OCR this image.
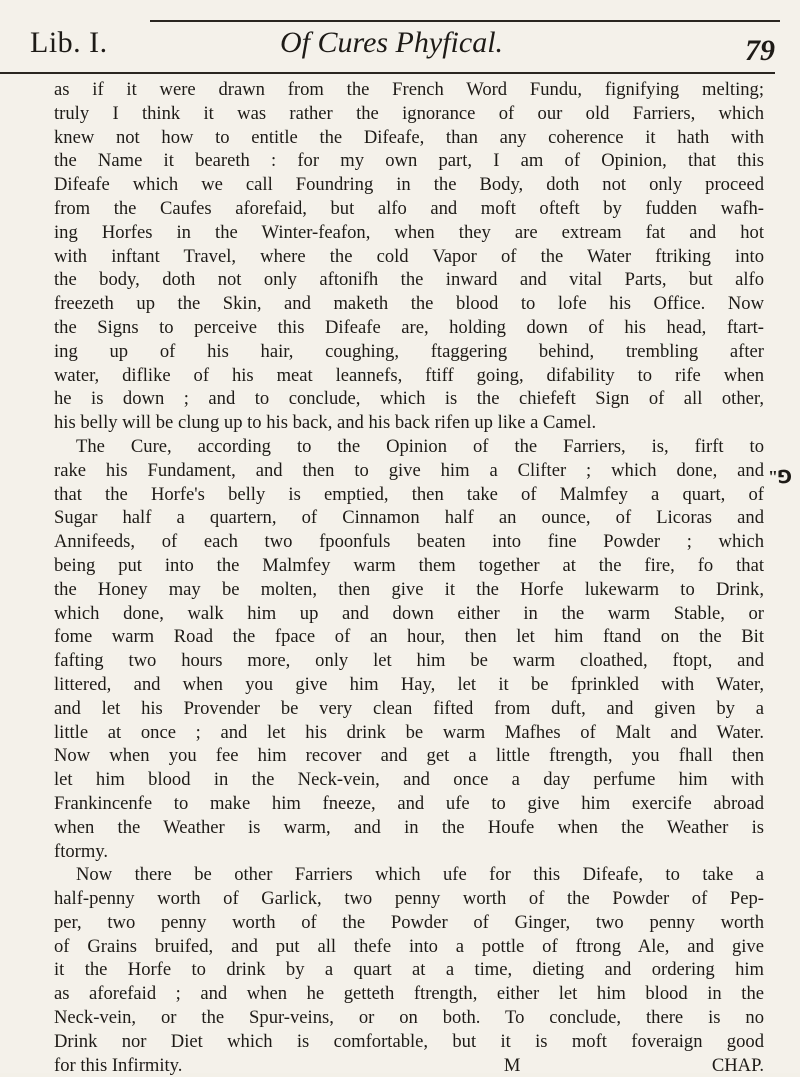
Lib. I.	Of Cures Phyfical.	79
"⅁
as if it were drawn from the French Word Fundu, fignifying melting;
truly I think it was rather the ignorance of our old Farriers, which
knew not how to entitle the Difeafe, than any coherence it hath with
the Name it beareth : for my own part, I am of Opinion, that this
Difeafe which we call Foundring in the Body, doth not only proceed
from the Caufes aforefaid, but alfo and moft ofteft by fudden wafh-
ing Horfes in the Winter-feafon, when they are extream fat and hot
with inftant Travel, where the cold Vapor of the Water ftriking into
the body, doth not only aftonifh the inward and vital Parts, but alfo
freezeth up the Skin, and maketh the blood to lofe his Office. Now
the Signs to perceive this Difeafe are, holding down of his head, ftart-
ing up of his hair, coughing, ftaggering behind, trembling after
water, diflike of his meat leannefs, ftiff going, difability to rife when
he is down ; and to conclude, which is the chiefeft Sign of all other,
his belly will be clung up to his back, and his back rifen up like a Camel.
The Cure, according to the Opinion of the Farriers, is, firft to
rake his Fundament, and then to give him a Clifter ; which done, and
that the Horfe's belly is emptied, then take of Malmfey a quart, of
Sugar half a quartern, of Cinnamon half an ounce, of Licoras and
Annifeeds, of each two fpoonfuls beaten into fine Powder ; which
being put into the Malmfey warm them together at the fire, fo that
the Honey may be molten, then give it the Horfe lukewarm to Drink,
which done, walk him up and down either in the warm Stable, or
fome warm Road the fpace of an hour, then let him ftand on the Bit
fafting two hours more, only let him be warm cloathed, ftopt, and
littered, and when you give him Hay, let it be fprinkled with Water,
and let his Provender be very clean fifted from duft, and given by a
little at once ; and let his drink be warm Mafhes of Malt and Water.
Now when you fee him recover and get a little ftrength, you fhall then
let him blood in the Neck-vein, and once a day perfume him with
Frankincenfe to make him fneeze, and ufe to give him exercife abroad
when the Weather is warm, and in the Houfe when the Weather is
ftormy.
Now there be other Farriers which ufe for this Difeafe, to take a
half-penny worth of Garlick, two penny worth of the Powder of Pep-
per, two penny worth of the Powder of Ginger, two penny worth
of Grains bruifed, and put all thefe into a pottle of ftrong Ale, and give
it the Horfe to drink by a quart at a time, dieting and ordering him
as aforefaid ; and when he getteth ftrength, either let him blood in the
Neck-vein, or the Spur-veins, or on both. To conclude, there is no
Drink nor Diet which is comfortable, but it is moft foveraign good
for this Infirmity.	M	CHAP.
